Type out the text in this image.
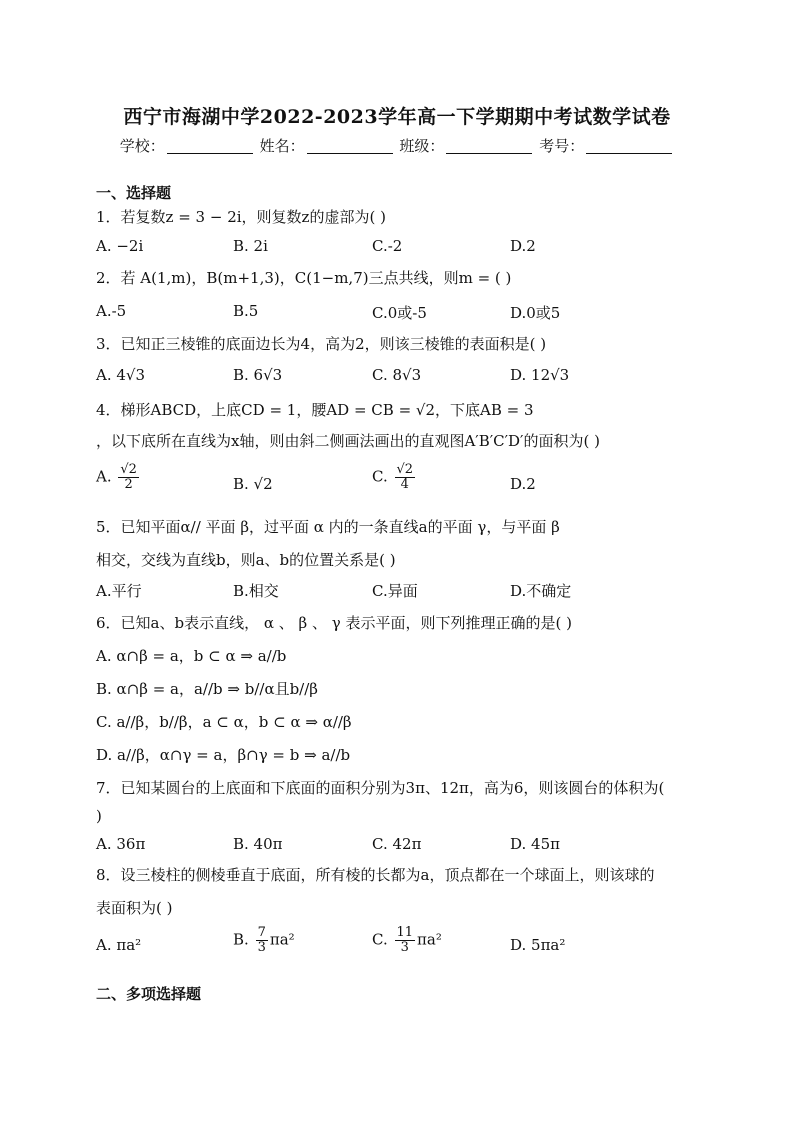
西宁市海湖中学2022-2023学年高一下学期期中考试数学试卷
学校：	姓名：	班级：	考号：
一、选择题
1．若复数z = 3 − 2i，则复数z的虚部为( )
A. −2i	B. 2i	C.-2	D.2
2．若 A(1,m)，B(m+1,3)，C(1−m,7)三点共线，则m = ( )
A.-5	B.5	C.0或-5	D.0或5
3．已知正三棱锥的底面边长为4，高为2，则该三棱锥的表面积是( )
A. 4√3	B. 6√3	C. 8√3	D. 12√3
4．梯形ABCD，上底CD = 1，腰AD = CB = √2，下底AB = 3
，以下底所在直线为x轴，则由斜二侧画法画出的直观图A′B′C′D′的面积为( )
A. $\frac{√2}{2}$	B. √2	C. $\frac{√2}{4}$	D.2
5．已知平面α// 平面 β，过平面 α 内的一条直线a的平面 γ，与平面 β
相交，交线为直线b，则a、b的位置关系是( )
A.平行	B.相交	C.异面	D.不确定
6．已知a、b表示直线， α 、 β 、 γ 表示平面，则下列推理正确的是( )
A. α∩β = a，b ⊂ α ⇒ a//b
B. α∩β = a，a//b ⇒ b//α且b//β
C. a//β，b//β，a ⊂ α，b ⊂ α ⇒ α//β
D. a//β，α∩γ = a，β∩γ = b ⇒ a//b
7．已知某圆台的上底面和下底面的面积分别为3π、12π，高为6，则该圆台的体积为(
)
A. 36π	B. 40π	C. 42π	D. 45π
8．设三棱柱的侧棱垂直于底面，所有棱的长都为a，顶点都在一个球面上，则该球的
表面积为( )
A. πa²	B. $\frac{7}{3} \pi a^2$	C. $\frac{11}{3} \pi a^2$	D. 5πa²
二、多项选择题
